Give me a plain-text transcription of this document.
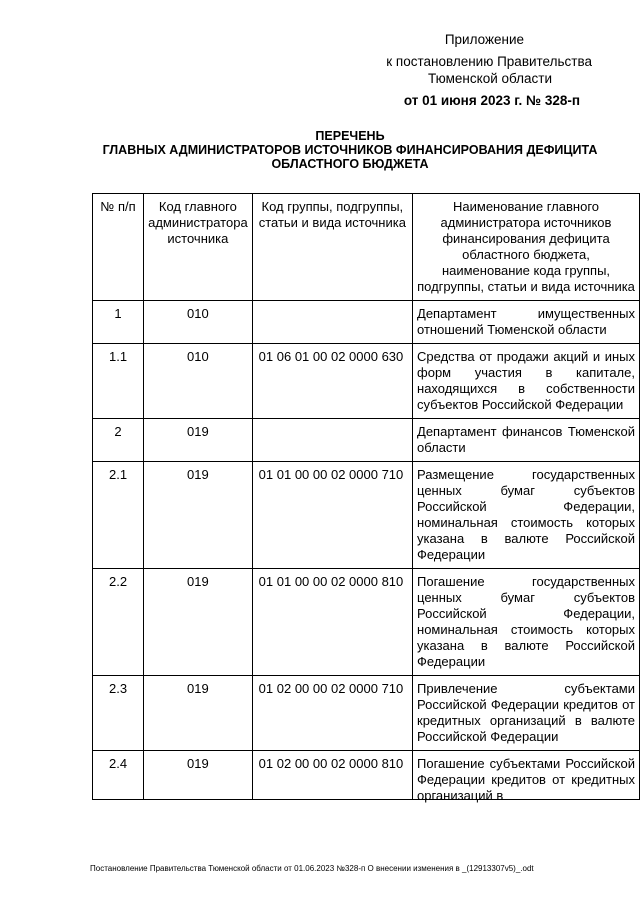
Приложение
к постановлению Правительства
Тюменской области
от 01 июня 2023 г. № 328-п
ПЕРЕЧЕНЬ
ГЛАВНЫХ АДМИНИСТРАТОРОВ ИСТОЧНИКОВ ФИНАНСИРОВАНИЯ ДЕФИЦИТА
ОБЛАСТНОГО БЮДЖЕТА
№ п/п	Код главного администратора источника	Код группы, подгруппы, статьи и вида источника	Наименование главного администратора источников финансирования дефицита областного бюджета, наименование кода группы, подгруппы, статьи и вида источника
1	010		Департамент имущественных отношений Тюменской области
1.1	010	01 06 01 00 02 0000 630	Средства от продажи акций и иных форм участия в капитале, находящихся в собственности субъектов Российской Федерации
2	019		Департамент финансов Тюменской области
2.1	019	01 01 00 00 02 0000 710	Размещение государственных ценных бумаг субъектов Российской Федерации, номинальная стоимость которых указана в валюте Российской Федерации
2.2	019	01 01 00 00 02 0000 810	Погашение государственных ценных бумаг субъектов Российской Федерации, номинальная стоимость которых указана в валюте Российской Федерации
2.3	019	01 02 00 00 02 0000 710	Привлечение субъектами Российской Федерации кредитов от кредитных организаций в валюте Российской Федерации
2.4	019	01 02 00 00 02 0000 810	Погашение субъектами Российской Федерации кредитов от кредитных организаций в
Постановление Правительства Тюменской области от 01.06.2023 №328-п О внесении изменения в _(12913307v5)_.odt
